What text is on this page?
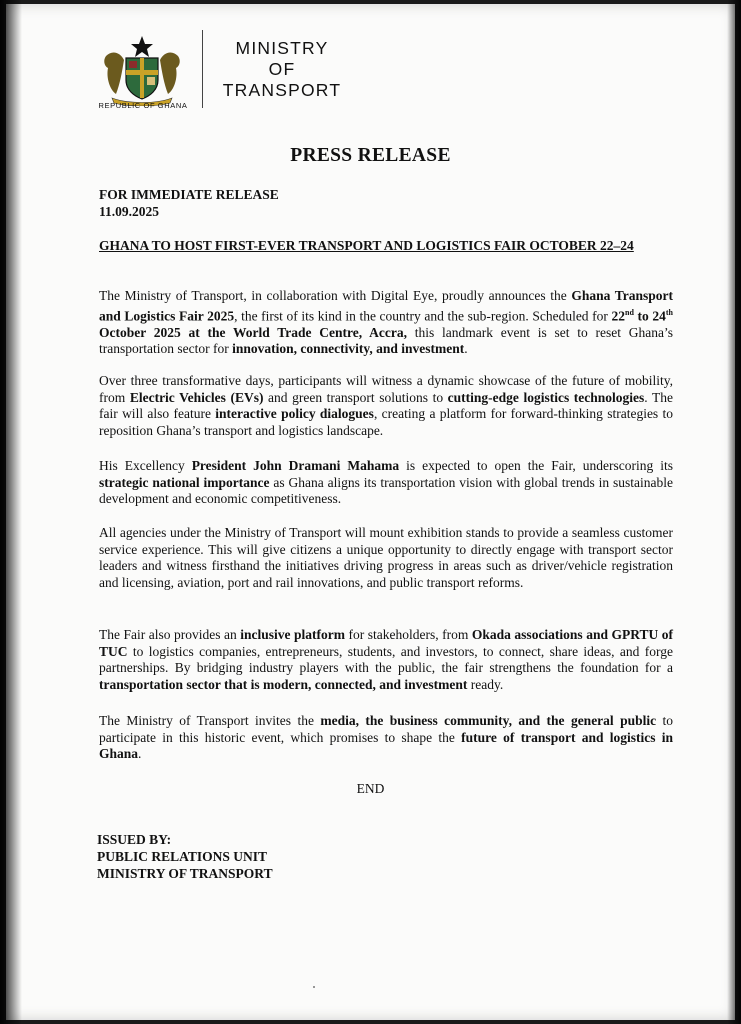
REPUBLIC OF GHANA
MINISTRY
OF
TRANSPORT
PRESS RELEASE
FOR IMMEDIATE RELEASE
11.09.2025
GHANA TO HOST FIRST-EVER TRANSPORT AND LOGISTICS FAIR OCTOBER 22–24
The Ministry of Transport, in collaboration with Digital Eye, proudly announces the Ghana Transport and Logistics Fair 2025, the first of its kind in the country and the sub-region. Scheduled for 22nd to 24th October 2025 at the World Trade Centre, Accra, this landmark event is set to reset Ghana’s transportation sector for innovation, connectivity, and investment.
Over three transformative days, participants will witness a dynamic showcase of the future of mobility, from Electric Vehicles (EVs) and green transport solutions to cutting-edge logistics technologies. The fair will also feature interactive policy dialogues, creating a platform for forward-thinking strategies to reposition Ghana’s transport and logistics landscape.
His Excellency President John Dramani Mahama is expected to open the Fair, underscoring its strategic national importance as Ghana aligns its transportation vision with global trends in sustainable development and economic competitiveness.
All agencies under the Ministry of Transport will mount exhibition stands to provide a seamless customer service experience. This will give citizens a unique opportunity to directly engage with transport sector leaders and witness firsthand the initiatives driving progress in areas such as driver/vehicle registration and licensing, aviation, port and rail innovations, and public transport reforms.
The Fair also provides an inclusive platform for stakeholders, from Okada associations and GPRTU of TUC to logistics companies, entrepreneurs, students, and investors, to connect, share ideas, and forge partnerships. By bridging industry players with the public, the fair strengthens the foundation for a transportation sector that is modern, connected, and investment ready.
The Ministry of Transport invites the media, the business community, and the general public to participate in this historic event, which promises to shape the future of transport and logistics in Ghana.
END
ISSUED BY:
PUBLIC RELATIONS UNIT
MINISTRY OF TRANSPORT
